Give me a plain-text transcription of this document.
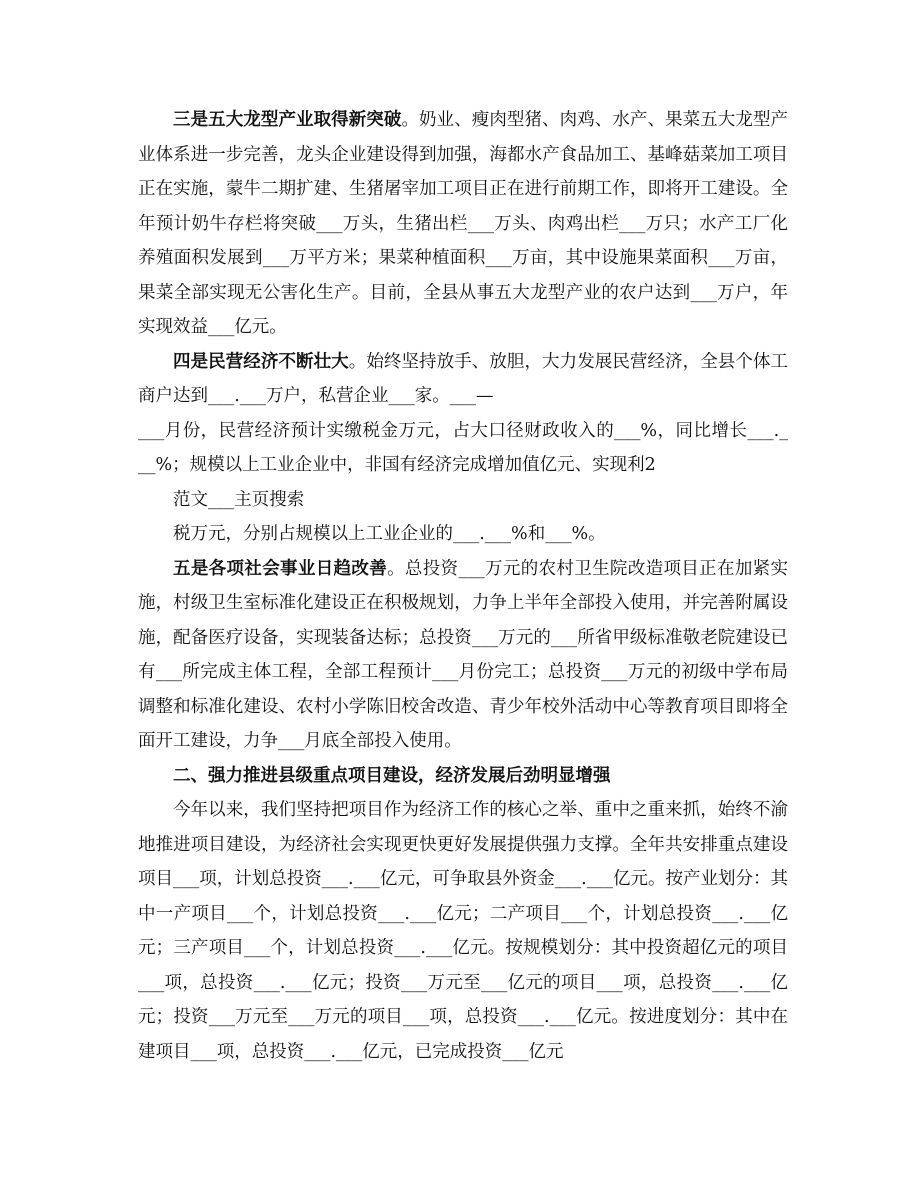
三是五大龙型产业取得新突破。奶业、瘦肉型猪、肉鸡、水产、果菜五大龙型产业体系进一步完善，龙头企业建设得到加强，海都水产食品加工、基峰菇菜加工项目正在实施，蒙牛二期扩建、生猪屠宰加工项目正在进行前期工作，即将开工建设。全年预计奶牛存栏将突破___万头，生猪出栏___万头、肉鸡出栏___万只；水产工厂化养殖面积发展到___万平方米；果菜种植面积___万亩，其中设施果菜面积___万亩，果菜全部实现无公害化生产。目前，全县从事五大龙型产业的农户达到___万户，年实现效益___亿元。

四是民营经济不断壮大。始终坚持放手、放胆，大力发展民营经济，全县个体工商户达到___.___万户，私营企业___家。___—

___月份，民营经济预计实缴税金万元，占大口径财政收入的___%，同比增长___._ __%；规模以上工业企业中，非国有经济完成增加值亿元、实现利2

范文___主页搜索

税万元，分别占规模以上工业企业的___.___%和___%。

五是各项社会事业日趋改善。总投资___万元的农村卫生院改造项目正在加紧实施，村级卫生室标准化建设正在积极规划，力争上半年全部投入使用，并完善附属设施，配备医疗设备，实现装备达标；总投资___万元的___所省甲级标准敬老院建设已有___所完成主体工程，全部工程预计___月份完工；总投资___万元的初级中学布局调整和标准化建设、农村小学陈旧校舍改造、青少年校外活动中心等教育项目即将全面开工建设，力争___月底全部投入使用。

二、强力推进县级重点项目建设，经济发展后劲明显增强

今年以来，我们坚持把项目作为经济工作的核心之举、重中之重来抓，始终不渝地推进项目建设，为经济社会实现更快更好发展提供强力支撑。全年共安排重点建设项目___项，计划总投资___.___亿元，可争取县外资金___.___亿元。按产业划分：其中一产项目___个，计划总投资___.___亿元；二产项目___个，计划总投资___.___亿元；三产项目___个，计划总投资___.___亿元。按规模划分：其中投资超亿元的项目___项，总投资___.___亿元；投资___万元至___亿元的项目___项，总投资___.___亿元；投资___万元至___万元的项目___项，总投资___.___亿元。按进度划分：其中在建项目___项，总投资___.___亿元，已完成投资___亿元
